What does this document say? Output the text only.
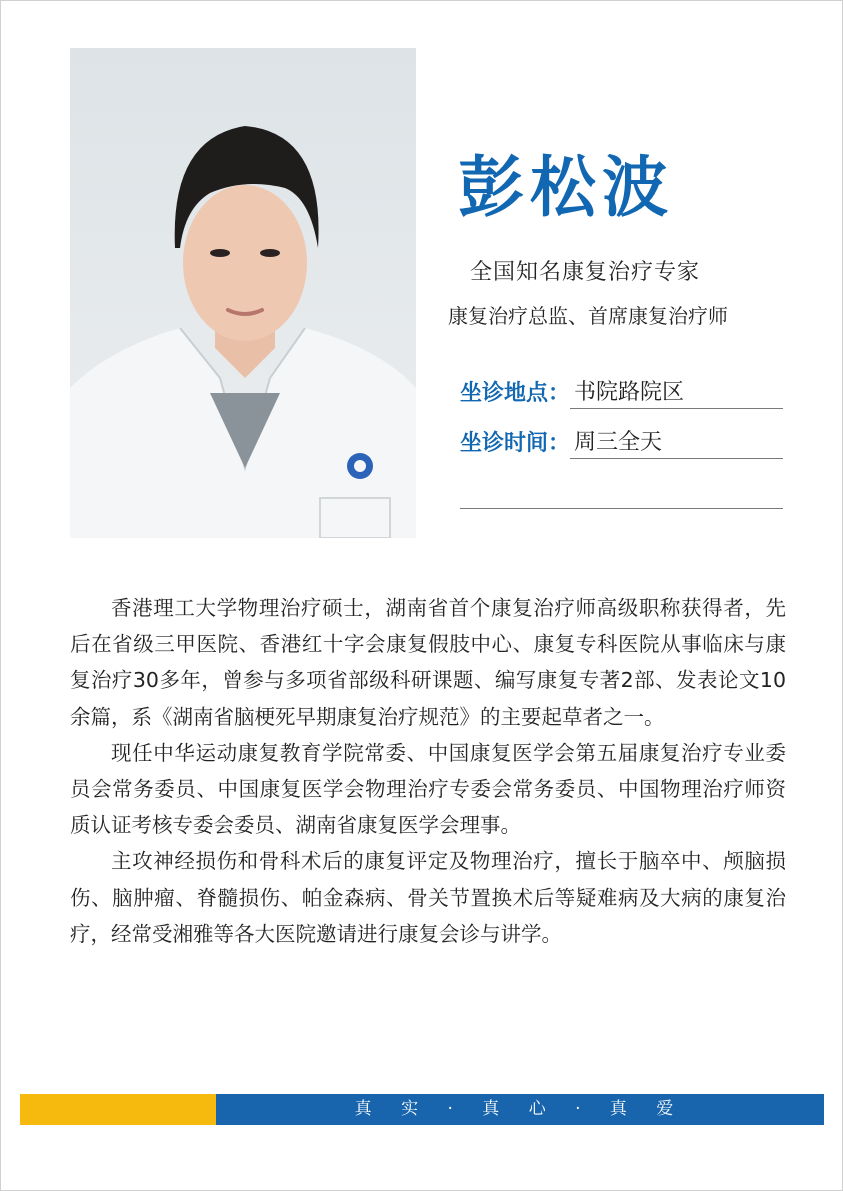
彭松波
全国知名康复治疗专家
康复治疗总监、首席康复治疗师
坐诊地点： 书院路院区
坐诊时间： 周三全天

香港理工大学物理治疗硕士，湖南省首个康复治疗师高级职称获得者，先后在省级三甲医院、香港红十字会康复假肢中心、康复专科医院从事临床与康复治疗30多年，曾参与多项省部级科研课题、编写康复专著2部、发表论文10余篇，系《湖南省脑梗死早期康复治疗规范》的主要起草者之一。

现任中华运动康复教育学院常委、中国康复医学会第五届康复治疗专业委员会常务委员、中国康复医学会物理治疗专委会常务委员、中国物理治疗师资质认证考核专委会委员、湖南省康复医学会理事。

主攻神经损伤和骨科术后的康复评定及物理治疗，擅长于脑卒中、颅脑损伤、脑肿瘤、脊髓损伤、帕金森病、骨关节置换术后等疑难病及大病的康复治疗，经常受湘雅等各大医院邀请进行康复会诊与讲学。

真 实 · 真 心 · 真 爱
